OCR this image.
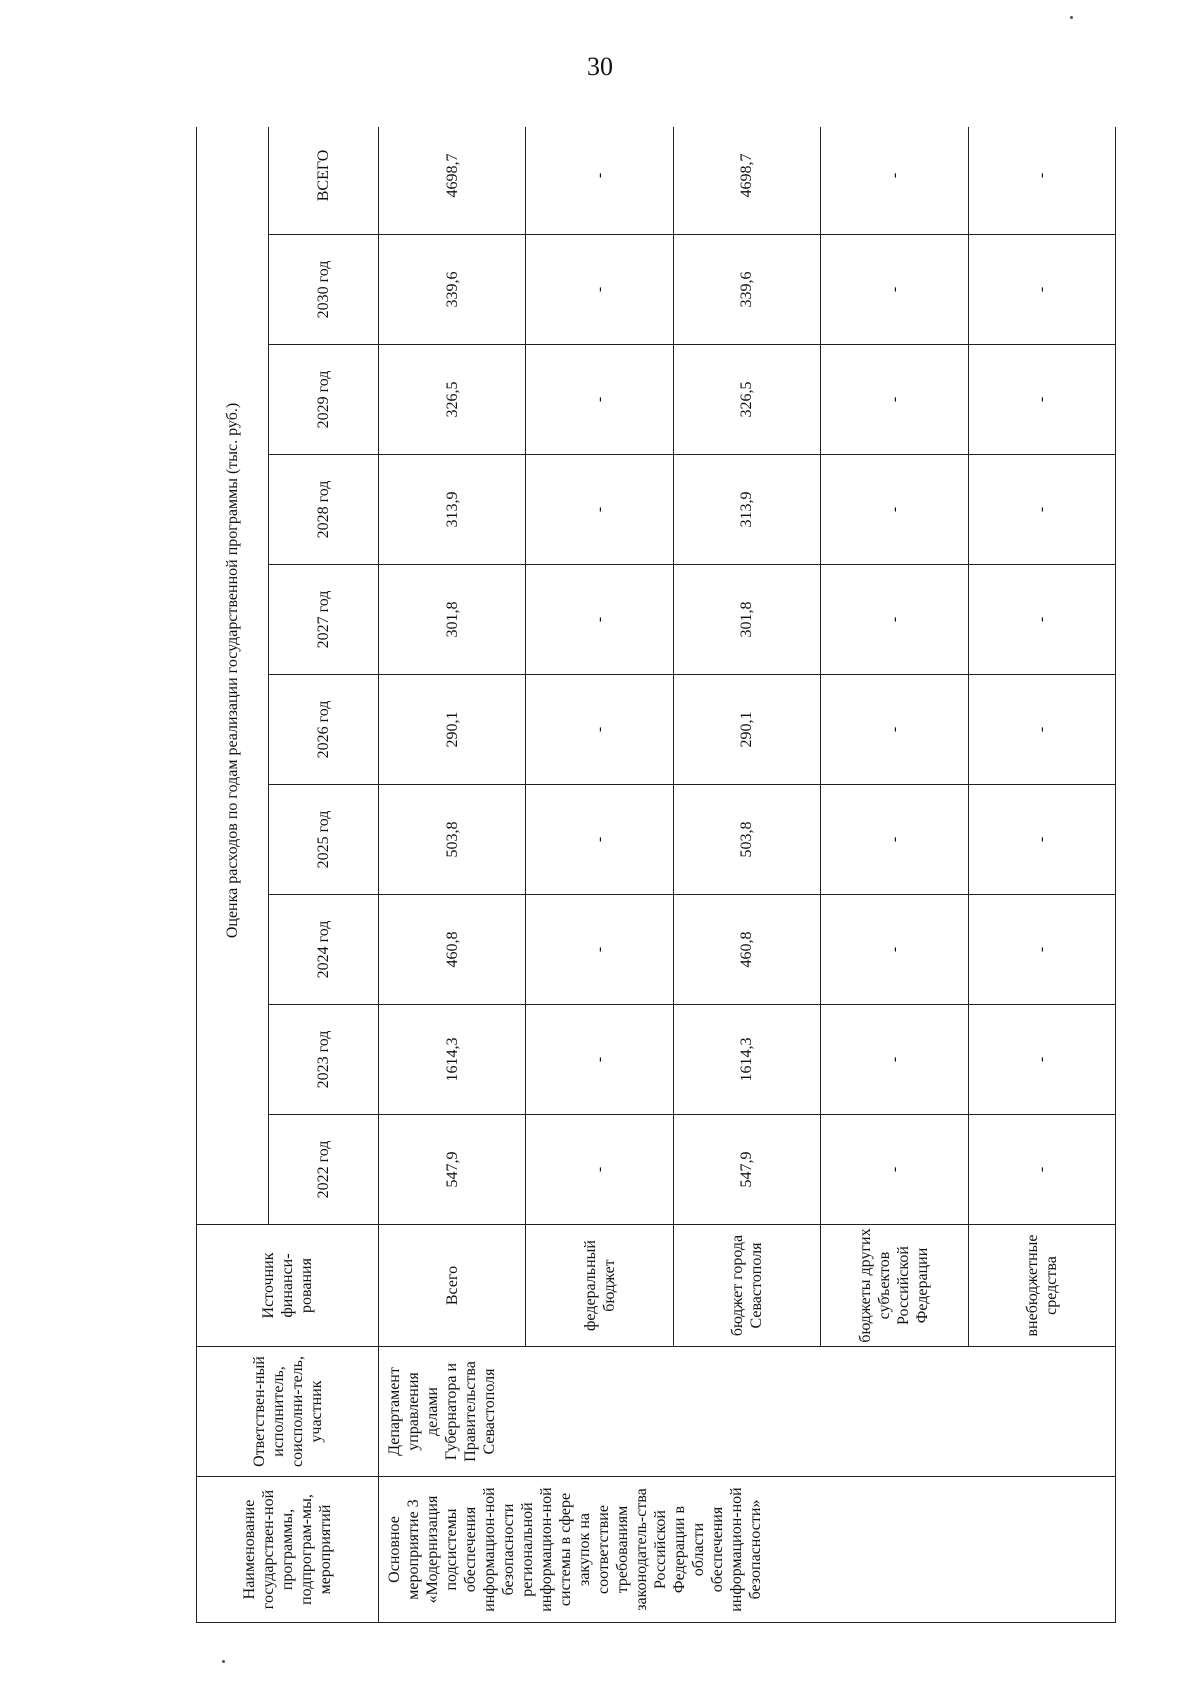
30
Наименование государствен-ной программы, подпрограм-мы, мероприятий	Ответствен-ный исполнитель, соисполни-тель, участник	Источник финанси-рования	Оценка расходов по годам реализации государственной программы (тыс. руб.)									
			2022 год	2023 год	2024 год	2025 год	2026 год	2027 год	2028 год	2029 год	2030 год	ВСЕГО
Основное мероприятие 3 «Модернизация подсистемы обеспечения информацион-ной безопасности региональной информацион-ной системы в сфере закупок на соответствие требованиям законодатель-ства Российской Федерации в области обеспечения информацион-ной безопасности»	Департамент управления делами Губернатора и Правительства Севастополя	Всего	547,9	1614,3	460,8	503,8	290,1	301,8	313,9	326,5	339,6	4698,7
		федеральный бюджет	-	-	-	-	-	-	-	-	-	-
		бюджет города Севастополя	547,9	1614,3	460,8	503,8	290,1	301,8	313,9	326,5	339,6	4698,7
		бюджеты других субъектов Российской Федерации	-	-	-	-	-	-	-	-	-	-
		внебюджетные средства	-	-	-	-	-	-	-	-	-	-
